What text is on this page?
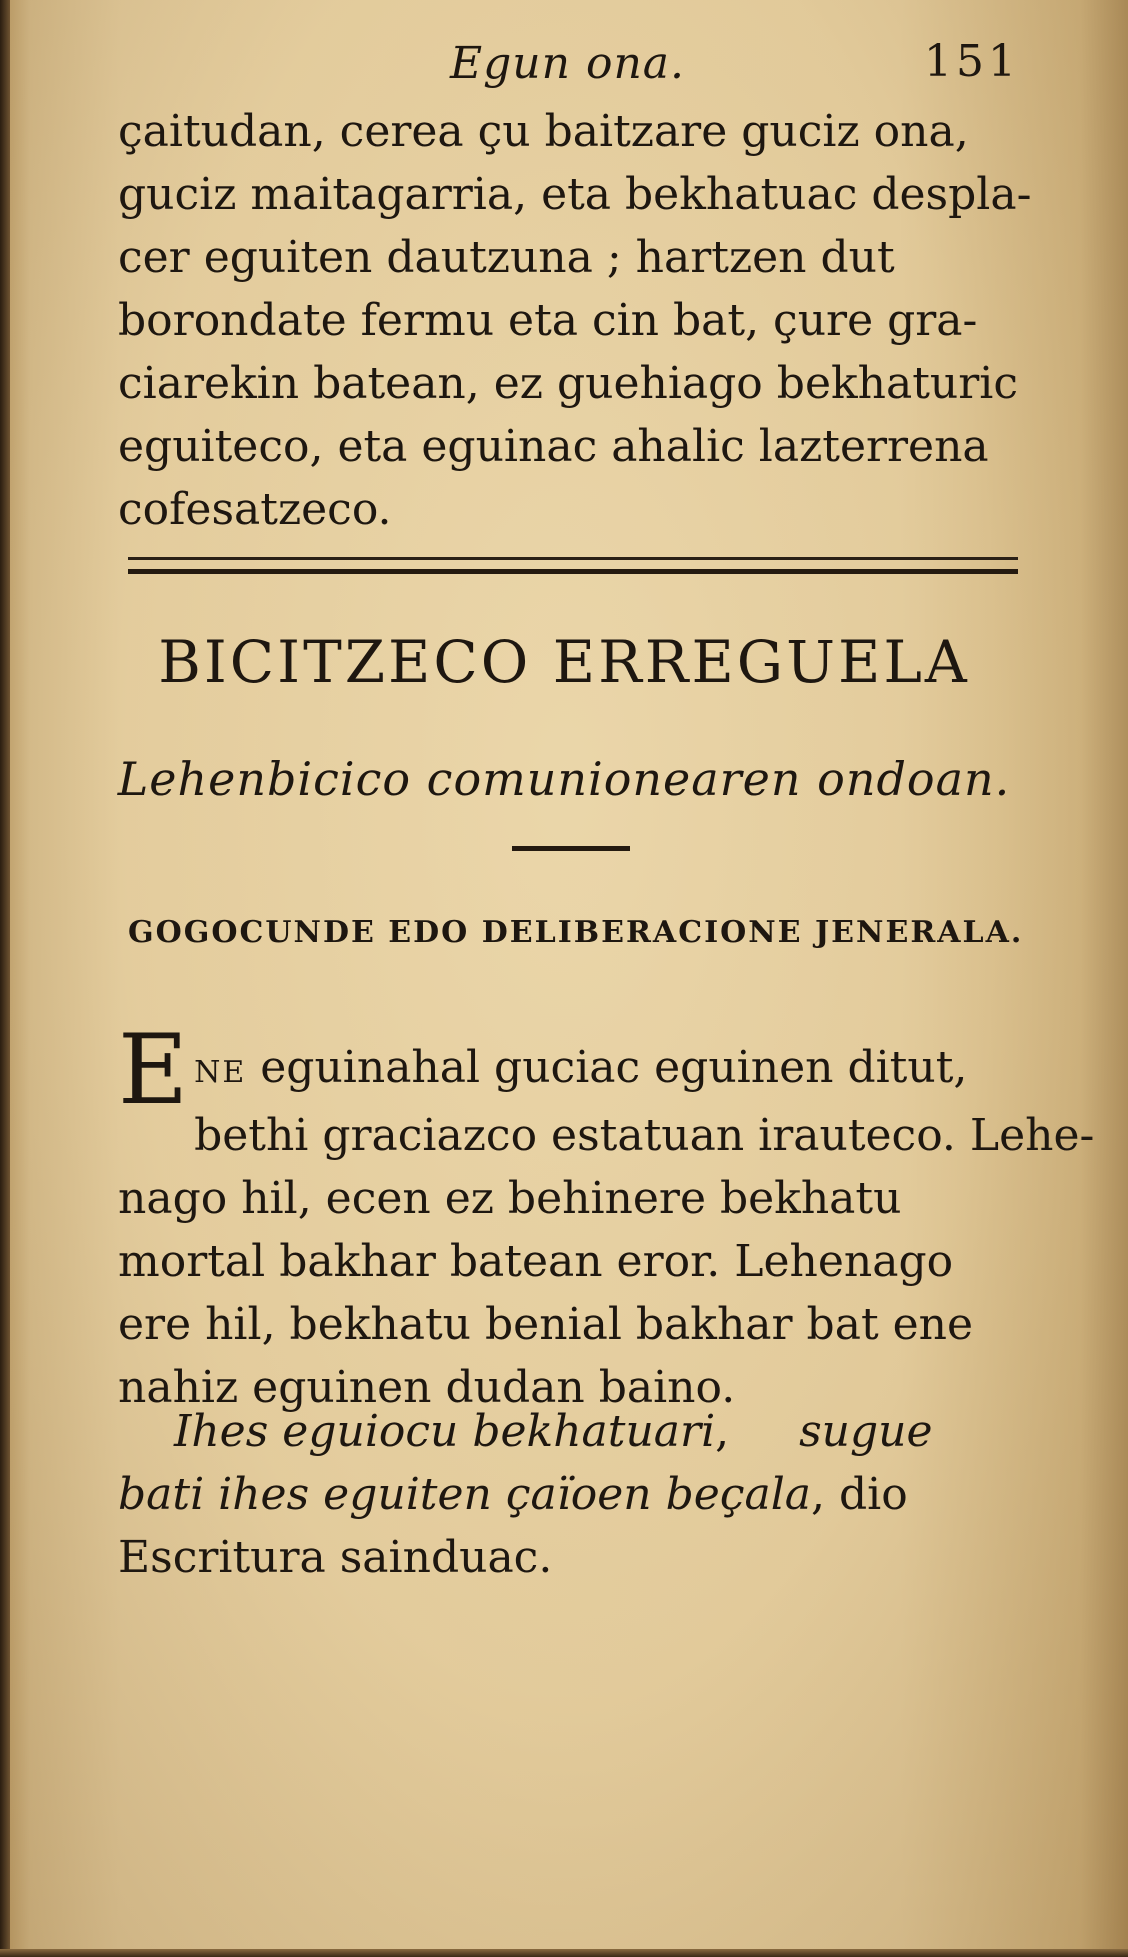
Egun ona.	151
çaitudan, cerea çu baitzare guciz ona,
guciz maitagarria, eta bekhatuac despla-
cer eguiten dautzuna ; hartzen dut
borondate fermu eta cin bat, çure gra-
ciarekin batean, ez guehiago bekhaturic
eguiteco, eta eguinac ahalic lazterrena
cofesatzeco.
BICITZECO ERREGUELA
Lehenbicico comunionearen ondoan.
GOGOCUNDE EDO DELIBERACIONE JENERALA.
ENE eguinahal guciac eguinen ditut,
bethi graciazco estatuan irauteco. Lehe-
nago hil, ecen ez behinere bekhatu
mortal bakhar batean eror. Lehenago
ere hil, bekhatu benial bakhar bat ene
nahiz eguinen dudan baino.
Ihes eguiocu bekhatuari,     sugue
bati ihes eguiten çaïoen beçala, dio
Escritura sainduac.
